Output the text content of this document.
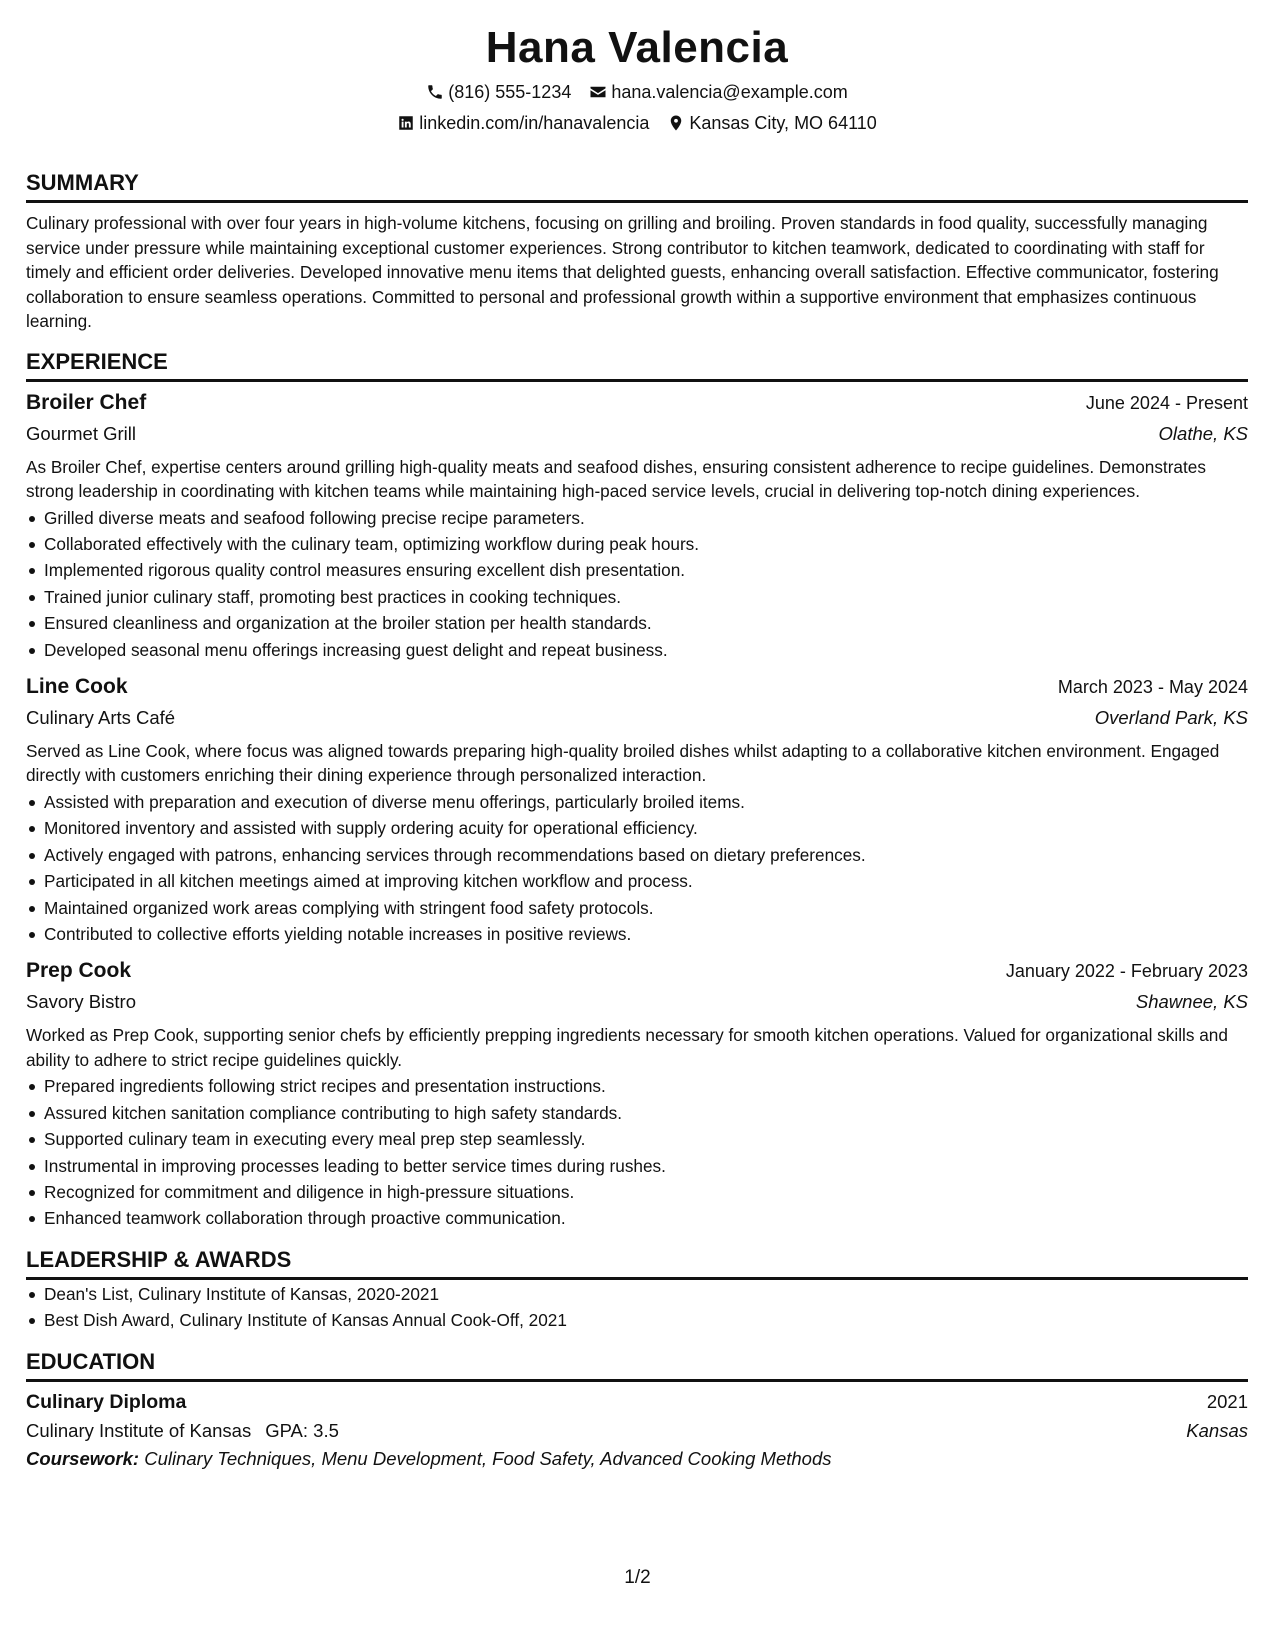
Hana Valencia
(816) 555-1234 hana.valencia@example.com
linkedin.com/in/hanavalencia Kansas City, MO 64110
SUMMARY

Culinary professional with over four years in high-volume kitchens, focusing on grilling and broiling. Proven standards in food quality, successfully managing service under pressure while maintaining exceptional customer experiences. Strong contributor to kitchen teamwork, dedicated to coordinating with staff for timely and efficient order deliveries. Developed innovative menu items that delighted guests, enhancing overall satisfaction. Effective communicator, fostering collaboration to ensure seamless operations. Committed to personal and professional growth within a supportive environment that emphasizes continuous learning.

EXPERIENCE
Broiler Chef	June 2024 - Present
Gourmet Grill	Olathe, KS

As Broiler Chef, expertise centers around grilling high-quality meats and seafood dishes, ensuring consistent adherence to recipe guidelines. Demonstrates strong leadership in coordinating with kitchen teams while maintaining high-paced service levels, crucial in delivering top-notch dining experiences.

Grilled diverse meats and seafood following precise recipe parameters.
Collaborated effectively with the culinary team, optimizing workflow during peak hours.
Implemented rigorous quality control measures ensuring excellent dish presentation.
Trained junior culinary staff, promoting best practices in cooking techniques.
Ensured cleanliness and organization at the broiler station per health standards.
Developed seasonal menu offerings increasing guest delight and repeat business.
Line Cook	March 2023 - May 2024
Culinary Arts Café	Overland Park, KS

Served as Line Cook, where focus was aligned towards preparing high-quality broiled dishes whilst adapting to a collaborative kitchen environment. Engaged directly with customers enriching their dining experience through personalized interaction.

Assisted with preparation and execution of diverse menu offerings, particularly broiled items.
Monitored inventory and assisted with supply ordering acuity for operational efficiency.
Actively engaged with patrons, enhancing services through recommendations based on dietary preferences.
Participated in all kitchen meetings aimed at improving kitchen workflow and process.
Maintained organized work areas complying with stringent food safety protocols.
Contributed to collective efforts yielding notable increases in positive reviews.
Prep Cook	January 2022 - February 2023
Savory Bistro	Shawnee, KS

Worked as Prep Cook, supporting senior chefs by efficiently prepping ingredients necessary for smooth kitchen operations. Valued for organizational skills and ability to adhere to strict recipe guidelines quickly.

Prepared ingredients following strict recipes and presentation instructions.
Assured kitchen sanitation compliance contributing to high safety standards.
Supported culinary team in executing every meal prep step seamlessly.
Instrumental in improving processes leading to better service times during rushes.
Recognized for commitment and diligence in high-pressure situations.
Enhanced teamwork collaboration through proactive communication.
LEADERSHIP & AWARDS
Dean's List, Culinary Institute of Kansas, 2020-2021
Best Dish Award, Culinary Institute of Kansas Annual Cook-Off, 2021
EDUCATION
Culinary Diploma	2021
Culinary Institute of Kansas GPA: 3.5	Kansas
Coursework: Culinary Techniques, Menu Development, Food Safety, Advanced Cooking Methods
1/2
